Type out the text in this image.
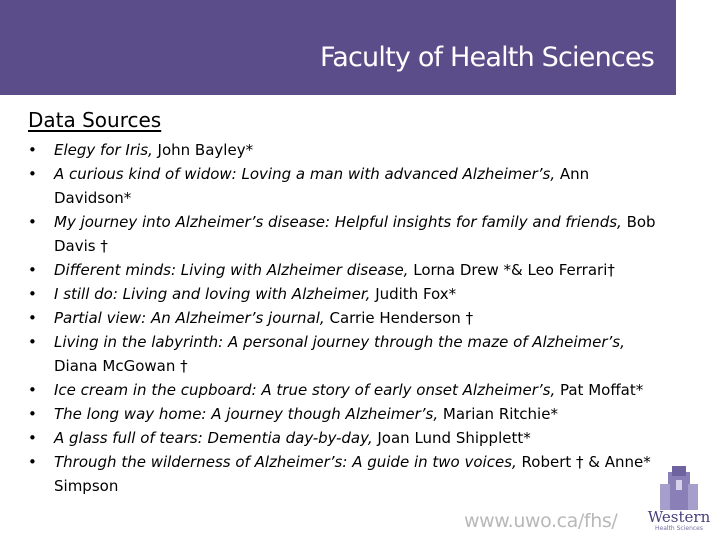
Faculty of Health Sciences
Data Sources
•	Elegy for Iris, John Bayley*
•	A curious kind of widow: Loving a man with advanced Alzheimer’s, Ann Davidson*
•	My journey into Alzheimer’s disease: Helpful insights for family and friends, Bob Davis †
•	Different minds: Living with Alzheimer disease, Lorna Drew *& Leo Ferrari†
•	I still do: Living and loving with Alzheimer, Judith Fox*
•	Partial view: An Alzheimer’s journal, Carrie Henderson †
•	Living in the labyrinth: A personal journey through the maze of Alzheimer’s, Diana McGowan †
•	Ice cream in the cupboard: A true story of early onset Alzheimer’s, Pat Moffat*
•	The long way home: A journey though Alzheimer’s, Marian Ritchie*
•	A glass full of tears: Dementia day-by-day, Joan Lund Shipplett*
•	Through the wilderness of Alzheimer’s: A guide in two voices, Robert † & Anne* Simpson
www.uwo.ca/fhs/ Western
Health Sciences
